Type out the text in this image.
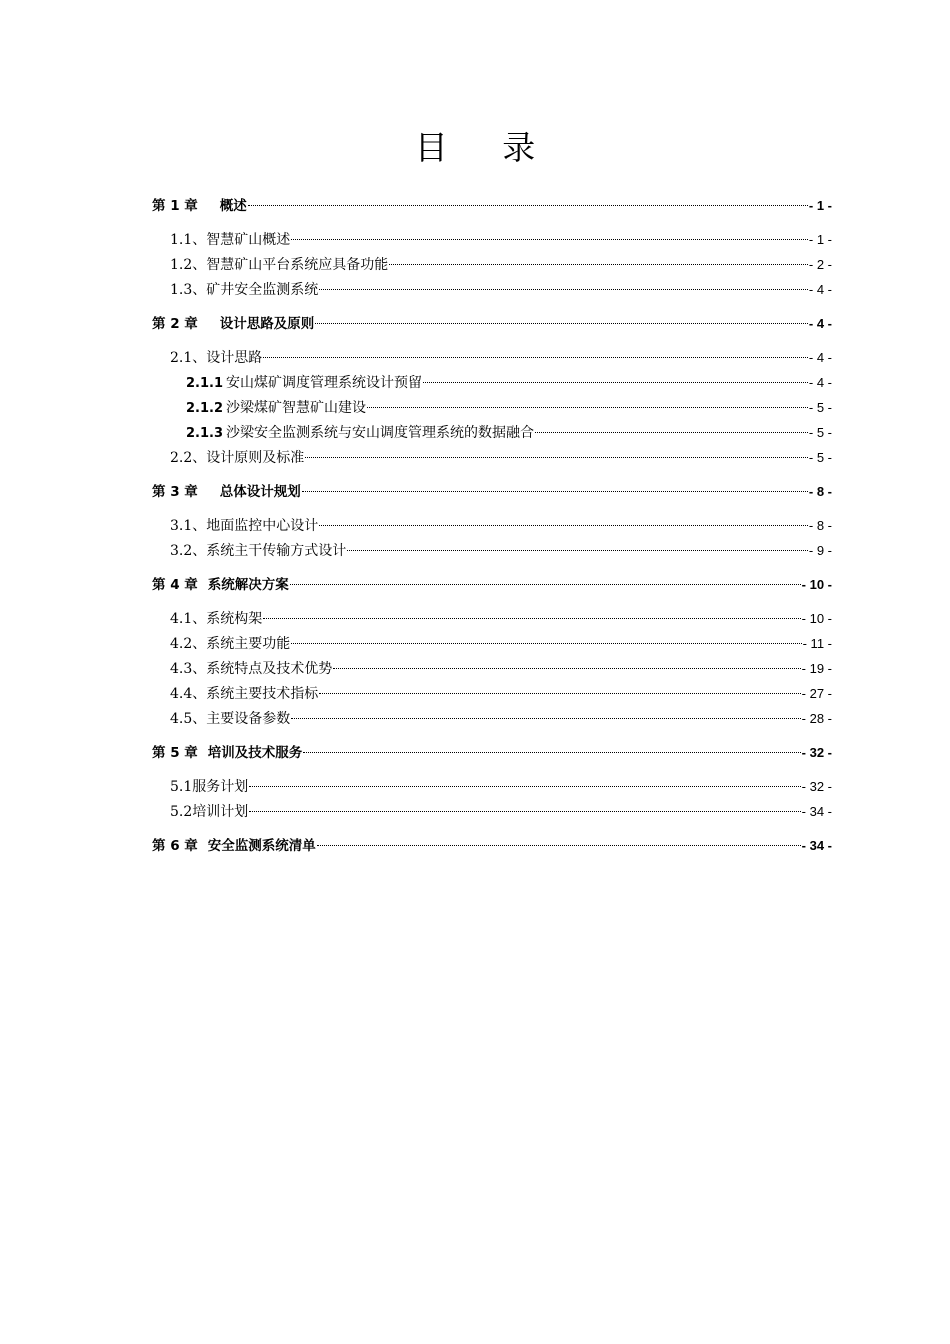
目 录
第 1 章 概述	- 1 -
1.1、 智慧矿山概述	- 1 -
1.2、 智慧矿山平台系统应具备功能	- 2 -
1.3、 矿井安全监测系统	- 4 -
第 2 章 设计思路及原则	- 4 -
2.1、 设计思路	- 4 -
2.1.1 安山煤矿调度管理系统设计预留	- 4 -
2.1.2 沙梁煤矿智慧矿山建设	- 5 -
2.1.3 沙梁安全监测系统与安山调度管理系统的数据融合	- 5 -
2.2、 设计原则及标准	- 5 -
第 3 章 总体设计规划	- 8 -
3.1、 地面监控中心设计	- 8 -
3.2、 系统主干传输方式设计	- 9 -
第 4 章 系统解决方案	- 10 -
4.1、 系统构架	- 10 -
4.2、 系统主要功能	- 11 -
4.3、 系统特点及技术优势	- 19 -
4.4、 系统主要技术指标	- 27 -
4.5、 主要设备参数	- 28 -
第 5 章 培训及技术服务	- 32 -
5.1 服务计划	- 32 -
5.2 培训计划	- 34 -
第 6 章 安全监测系统清单	- 34 -
